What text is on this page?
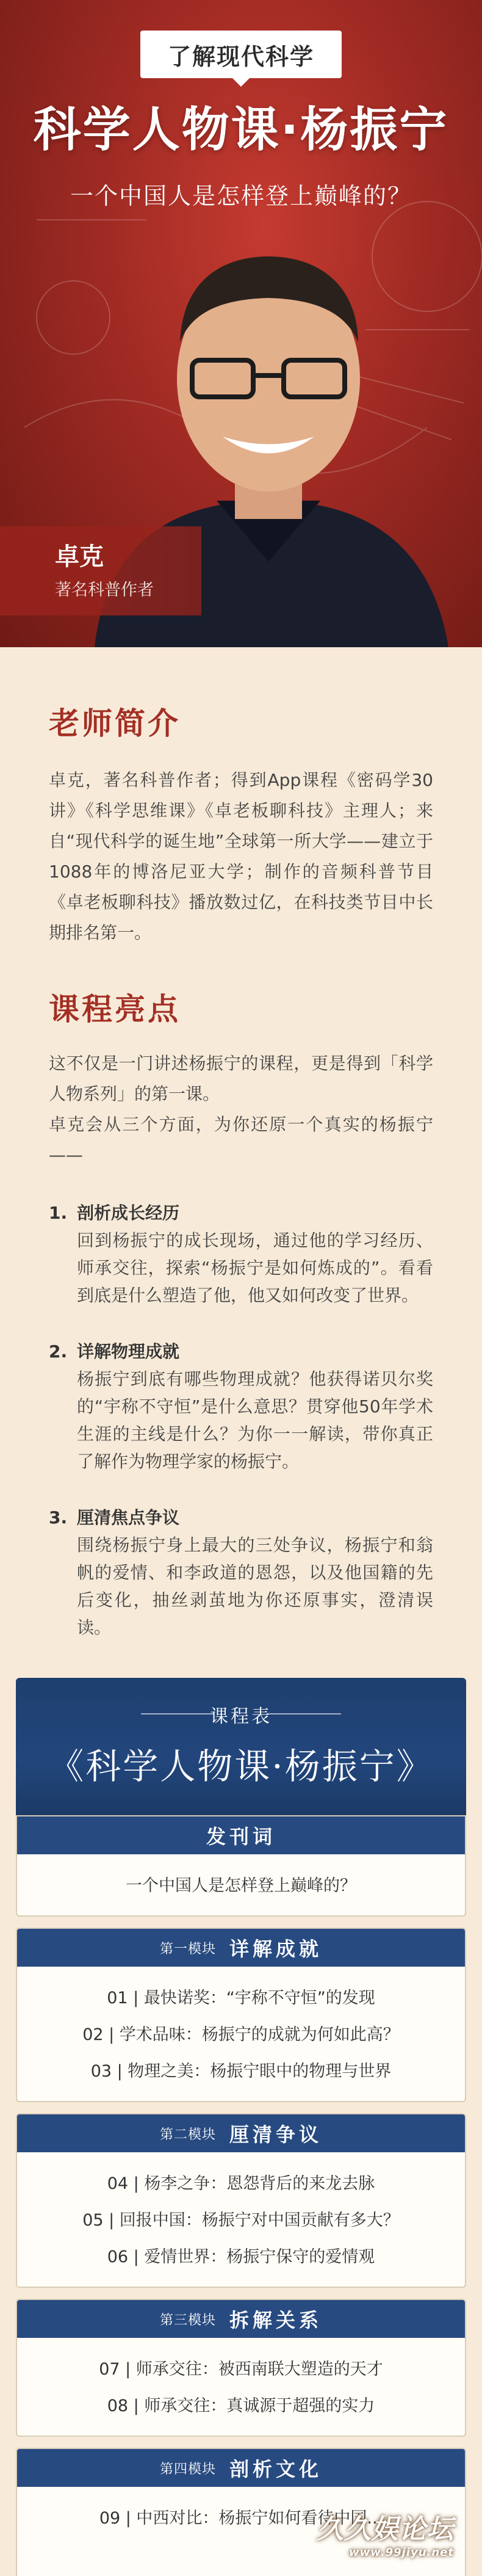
了解现代科学
科学人物课·杨振宁
一个中国人是怎样登上巅峰的？
卓克
著名科普作者
老师简介

卓克，著名科普作者；得到App课程《密码学30讲》《科学思维课》《卓老板聊科技》主理人；来自“现代科学的诞生地”全球第一所大学——建立于1088年的博洛尼亚大学；制作的音频科普节目《卓老板聊科技》播放数过亿，在科技类节目中长期排名第一。

课程亮点

这不仅是一门讲述杨振宁的课程，更是得到「科学人物系列」的第一课。

卓克会从三个方面，为你还原一个真实的杨振宁——

1. 剖析成长经历
回到杨振宁的成长现场，通过他的学习经历、师承交往，探索“杨振宁是如何炼成的”。看看到底是什么塑造了他，他又如何改变了世界。
2. 详解物理成就
杨振宁到底有哪些物理成就？他获得诺贝尔奖的“宇称不守恒”是什么意思？贯穿他50年学术生涯的主线是什么？为你一一解读，带你真正了解作为物理学家的杨振宁。
3. 厘清焦点争议
围绕杨振宁身上最大的三处争议，杨振宁和翁帆的爱情、和李政道的恩怨，以及他国籍的先后变化，抽丝剥茧地为你还原事实，澄清误读。
课程表
《科学人物课·杨振宁》
发刊词
一个中国人是怎样登上巅峰的？
第一模块 详解成就
01 | 最快诺奖：“宇称不守恒”的发现
02 | 学术品味：杨振宁的成就为何如此高？
03 | 物理之美：杨振宁眼中的物理与世界
第二模块 厘清争议
04 | 杨李之争：恩怨背后的来龙去脉
05 | 回报中国：杨振宁对中国贡献有多大？
06 | 爱情世界：杨振宁保守的爱情观
第三模块 拆解关系
07 | 师承交往：被西南联大塑造的天才
08 | 师承交往：真诚源于超强的实力
第四模块 剖析文化
09 | 中西对比：杨振宁如何看待中国...
久久娱论坛
www.99jiyu.net
